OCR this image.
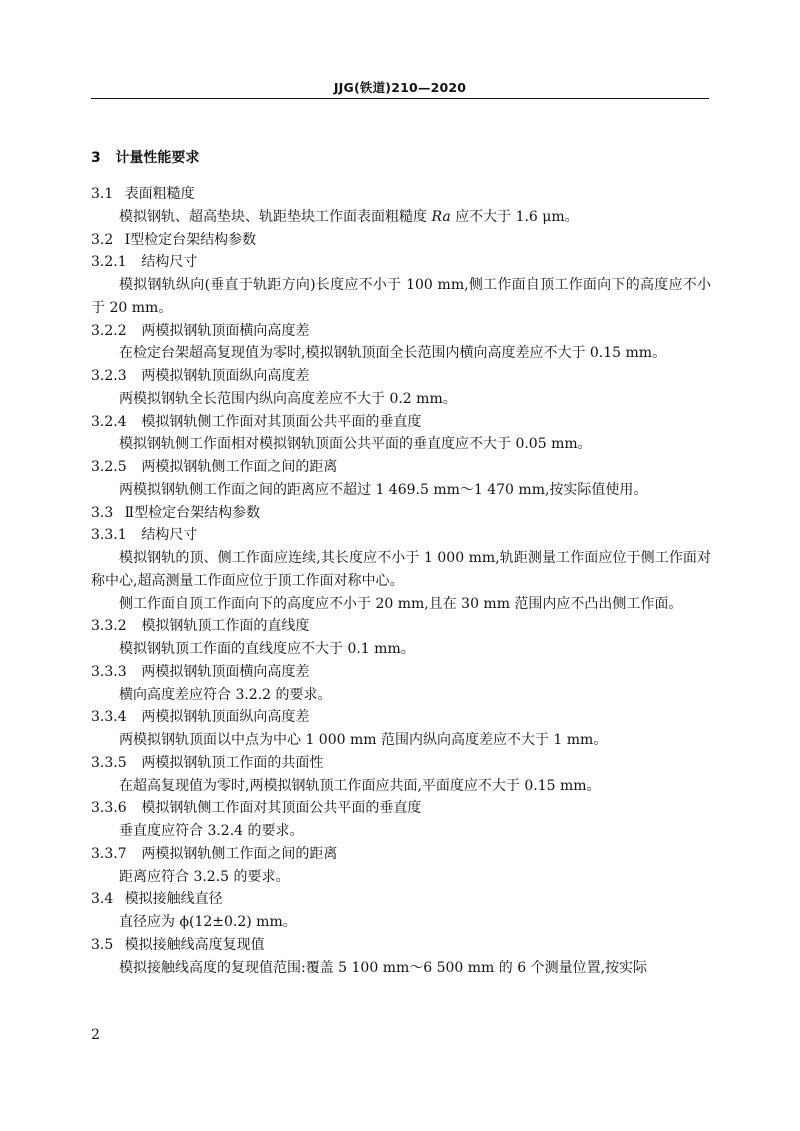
JJG(铁道)210—2020
3 计量性能要求
3.1 表面粗糙度
模拟钢轨、超高垫块、轨距垫块工作面表面粗糙度 Ra 应不大于 1.6 μm。
3.2 Ⅰ型检定台架结构参数
3.2.1 结构尺寸
模拟钢轨纵向(垂直于轨距方向)长度应不小于 100 mm,侧工作面自顶工作面向下的高度应不小于 20 mm。
3.2.2 两模拟钢轨顶面横向高度差
在检定台架超高复现值为零时,模拟钢轨顶面全长范围内横向高度差应不大于 0.15 mm。
3.2.3 两模拟钢轨顶面纵向高度差
两模拟钢轨全长范围内纵向高度差应不大于 0.2 mm。
3.2.4 模拟钢轨侧工作面对其顶面公共平面的垂直度
模拟钢轨侧工作面相对模拟钢轨顶面公共平面的垂直度应不大于 0.05 mm。
3.2.5 两模拟钢轨侧工作面之间的距离
两模拟钢轨侧工作面之间的距离应不超过 1 469.5 mm～1 470 mm,按实际值使用。
3.3 Ⅱ型检定台架结构参数
3.3.1 结构尺寸
模拟钢轨的顶、侧工作面应连续,其长度应不小于 1 000 mm,轨距测量工作面应位于侧工作面对称中心,超高测量工作面应位于顶工作面对称中心。
侧工作面自顶工作面向下的高度应不小于 20 mm,且在 30 mm 范围内应不凸出侧工作面。
3.3.2 模拟钢轨顶工作面的直线度
模拟钢轨顶工作面的直线度应不大于 0.1 mm。
3.3.3 两模拟钢轨顶面横向高度差
横向高度差应符合 3.2.2 的要求。
3.3.4 两模拟钢轨顶面纵向高度差
两模拟钢轨顶面以中点为中心 1 000 mm 范围内纵向高度差应不大于 1 mm。
3.3.5 两模拟钢轨顶工作面的共面性
在超高复现值为零时,两模拟钢轨顶工作面应共面,平面度应不大于 0.15 mm。
3.3.6 模拟钢轨侧工作面对其顶面公共平面的垂直度
垂直度应符合 3.2.4 的要求。
3.3.7 两模拟钢轨侧工作面之间的距离
距离应符合 3.2.5 的要求。
3.4 模拟接触线直径
直径应为 ϕ(12±0.2) mm。
3.5 模拟接触线高度复现值
模拟接触线高度的复现值范围:覆盖 5 100 mm～6 500 mm 的 6 个测量位置,按实际
2
